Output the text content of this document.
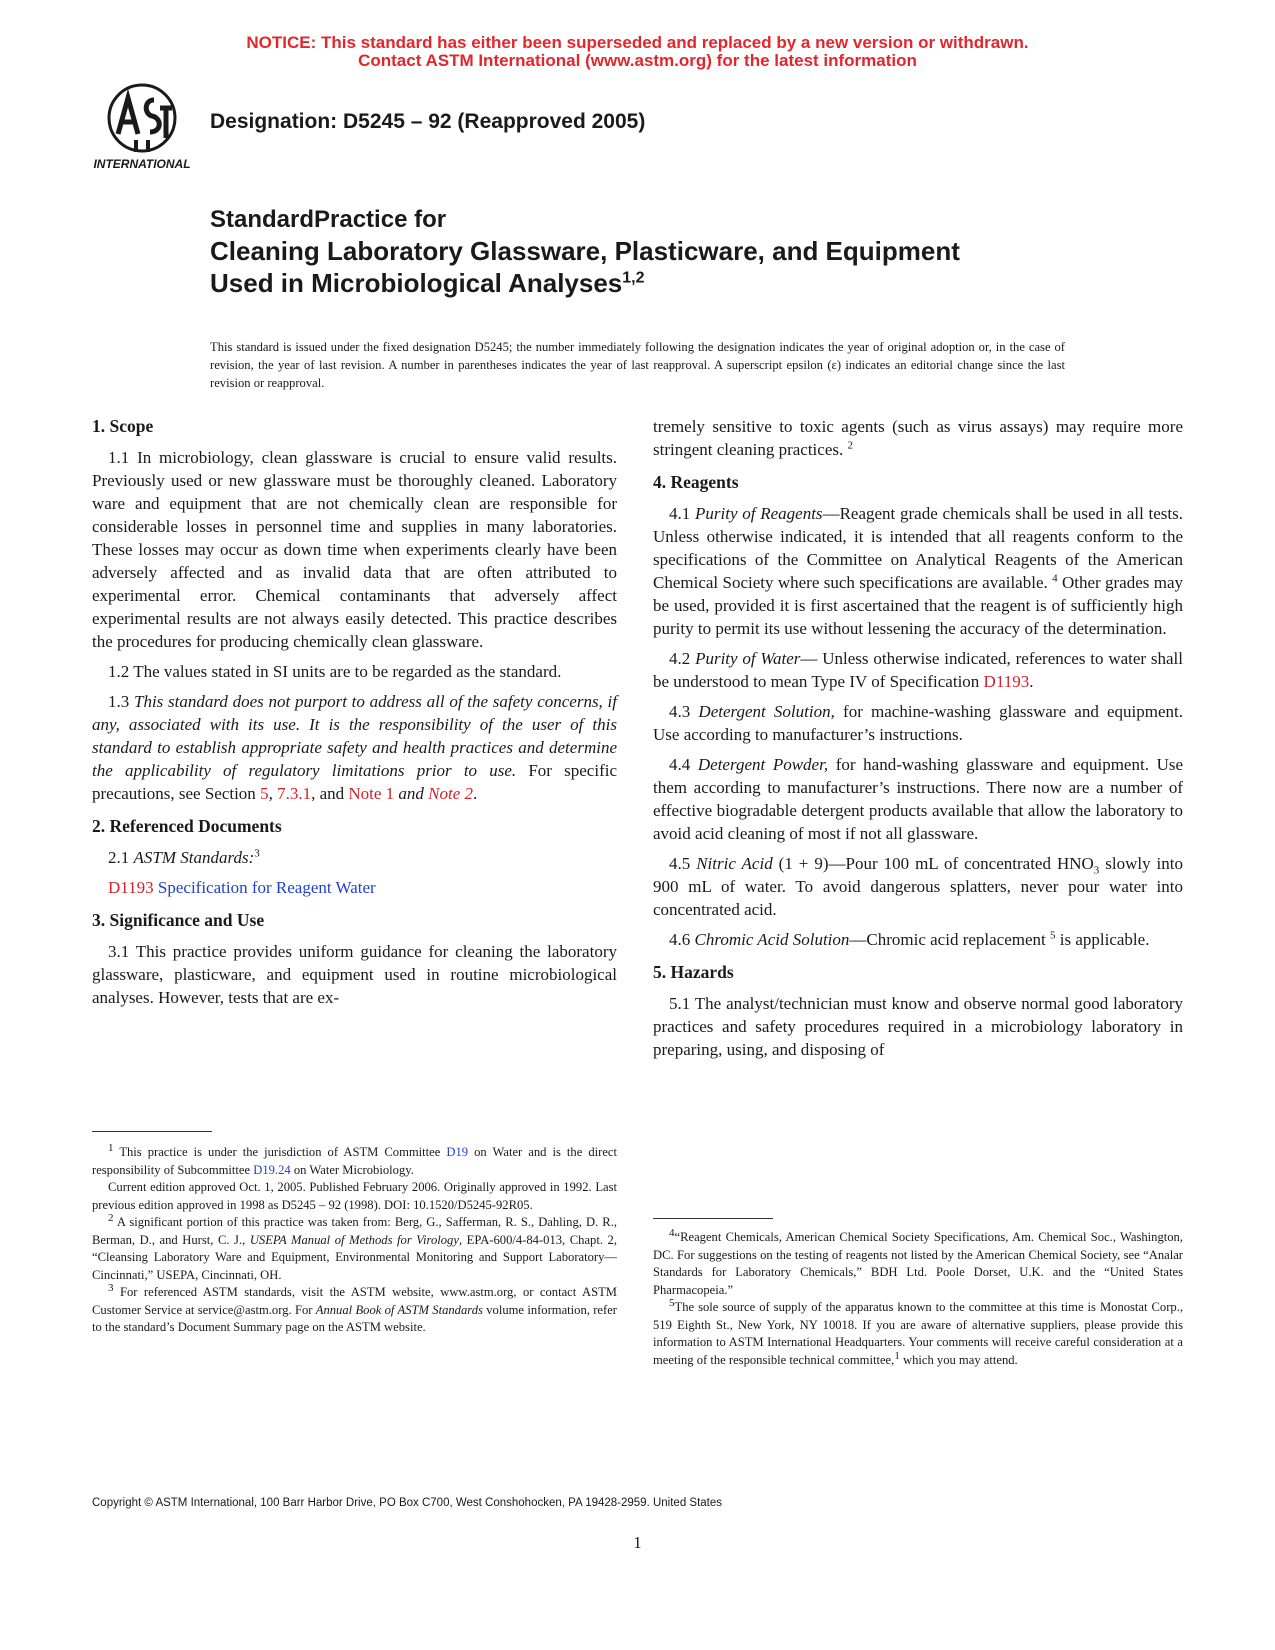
NOTICE: This standard has either been superseded and replaced by a new version or withdrawn.
Contact ASTM International (www.astm.org) for the latest information
INTERNATIONAL
Designation: D5245 – 92 (Reapproved 2005)
StandardPractice for
Cleaning Laboratory Glassware, Plasticware, and Equipment
Used in Microbiological Analyses$^{1,2}$
This standard is issued under the fixed designation D5245; the number immediately following the designation indicates the year of original adoption or, in the case of revision, the year of last revision. A number in parentheses indicates the year of last reapproval. A superscript epsilon (ε) indicates an editorial change since the last revision or reapproval.
1. Scope

1.1 In microbiology, clean glassware is crucial to ensure valid results. Previously used or new glassware must be thoroughly cleaned. Laboratory ware and equipment that are not chemically clean are responsible for considerable losses in personnel time and supplies in many laboratories. These losses may occur as down time when experiments clearly have been adversely affected and as invalid data that are often attributed to experimental error. Chemical contaminants that adversely affect experimental results are not always easily detected. This practice describes the procedures for producing chemically clean glassware.

1.2 The values stated in SI units are to be regarded as the standard.

1.3 This standard does not purport to address all of the safety concerns, if any, associated with its use. It is the responsibility of the user of this standard to establish appropriate safety and health practices and determine the applicability of regulatory limitations prior to use. For specific precautions, see Section 5, 7.3.1, and Note 1 and Note 2.

2. Referenced Documents

2.1 ASTM Standards:$^3$

D1193 Specification for Reagent Water

3. Significance and Use

3.1 This practice provides uniform guidance for cleaning the laboratory glassware, plasticware, and equipment used in routine microbiological analyses. However, tests that are ex-

tremely sensitive to toxic agents (such as virus assays) may require more stringent cleaning practices. $^2$

4. Reagents

4.1 Purity of Reagents—Reagent grade chemicals shall be used in all tests. Unless otherwise indicated, it is intended that all reagents conform to the specifications of the Committee on Analytical Reagents of the American Chemical Society where such specifications are available. $^4$ Other grades may be used, provided it is first ascertained that the reagent is of sufficiently high purity to permit its use without lessening the accuracy of the determination.

4.2 Purity of Water— Unless otherwise indicated, references to water shall be understood to mean Type IV of Specification D1193.

4.3 Detergent Solution, for machine-washing glassware and equipment. Use according to manufacturer’s instructions.

4.4 Detergent Powder, for hand-washing glassware and equipment. Use them according to manufacturer’s instructions. There now are a number of effective biogradable detergent products available that allow the laboratory to avoid acid cleaning of most if not all glassware.

4.5 Nitric Acid (1 + 9)—Pour 100 mL of concentrated $HNO_3$ slowly into 900 mL of water. To avoid dangerous splatters, never pour water into concentrated acid.

4.6 Chromic Acid Solution—Chromic acid replacement $^5$ is applicable.

5. Hazards

5.1 The analyst/technician must know and observe normal good laboratory practices and safety procedures required in a microbiology laboratory in preparing, using, and disposing of

$^1$ This practice is under the jurisdiction of ASTM Committee D19 on Water and is the direct responsibility of Subcommittee D19.24 on Water Microbiology.

Current edition approved Oct. 1, 2005. Published February 2006. Originally approved in 1992. Last previous edition approved in 1998 as D5245 – 92 (1998). DOI: 10.1520/D5245-92R05.

$^2$ A significant portion of this practice was taken from: Berg, G., Safferman, R. S., Dahling, D. R., Berman, D., and Hurst, C. J., USEPA Manual of Methods for Virology, EPA-600/4-84-013, Chapt. 2, “Cleansing Laboratory Ware and Equipment, Environmental Monitoring and Support Laboratory—Cincinnati,” USEPA, Cincinnati, OH.

$^3$ For referenced ASTM standards, visit the ASTM website, www.astm.org, or contact ASTM Customer Service at service@astm.org. For Annual Book of ASTM Standards volume information, refer to the standard’s Document Summary page on the ASTM website.

$^4$“Reagent Chemicals, American Chemical Society Specifications, Am. Chemical Soc., Washington, DC. For suggestions on the testing of reagents not listed by the American Chemical Society, see “Analar Standards for Laboratory Chemicals,” BDH Ltd. Poole Dorset, U.K. and the “United States Pharmacopeia.”

$^5$The sole source of supply of the apparatus known to the committee at this time is Monostat Corp., 519 Eighth St., New York, NY 10018. If you are aware of alternative suppliers, please provide this information to ASTM International Headquarters. Your comments will receive careful consideration at a meeting of the responsible technical committee,$^1$ which you may attend.

Copyright © ASTM International, 100 Barr Harbor Drive, PO Box C700, West Conshohocken, PA 19428-2959. United States
1
